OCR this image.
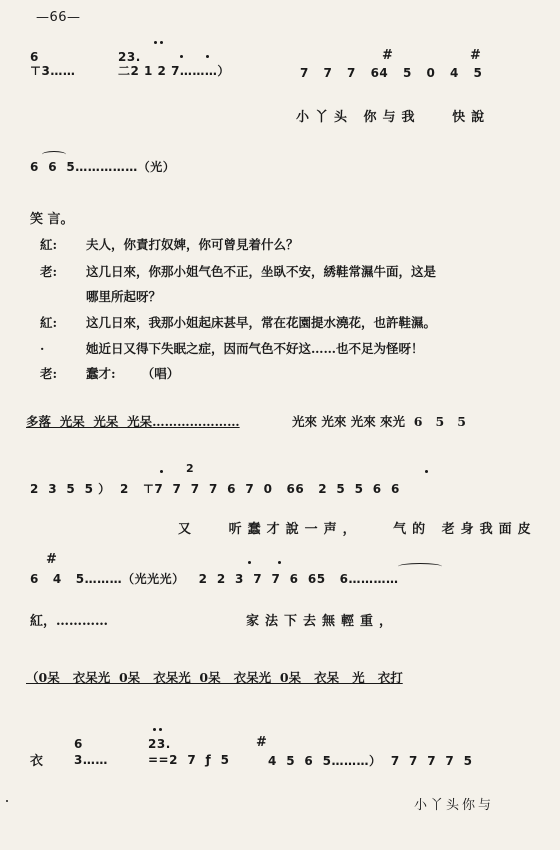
—66—
6
⊤3……
23.
二2 1 2 7………）
#	#
7 7 7 64 5 0 4 5
小丫头 你与我   快說
6  6  5……………（光）
笑 言。
紅: 夫人，你責打奴婢，你可曾見着什么？
老: 这几日來，你那小姐气色不正，坐臥不安，綉鞋常濕牛面，这是
哪里所起呀？
紅: 这几日來，我那小姐起床甚早，常在花園提水澆花，也許鞋濕。
·	她近日又得下失眠之症，因而气色不好这……也不足为怪呀！
老: 蠢才:      （唱）
多落  光呆  光呆  光呆…………………	光來 光來 光來 來光  6   5   5
2
2  3  5  5 ）  2   ⊤7  7  7  7  6  7  0   66   2  5  5  6  6
又   听蠢才說一声，   气的 老身我面皮
#
6   4   5………（光光光）   2  2  3  7  7  6  65   6…………
紅，…………	家法下去無輕重，
（0呆   衣呆光  0呆   衣呆光  0呆   衣呆光  0呆   衣呆   光   衣打
衣
6
3……
23.
==2  7  ƒ  5
#
4  5  6  5………）  7  7  7  7  5
小丫头你与
